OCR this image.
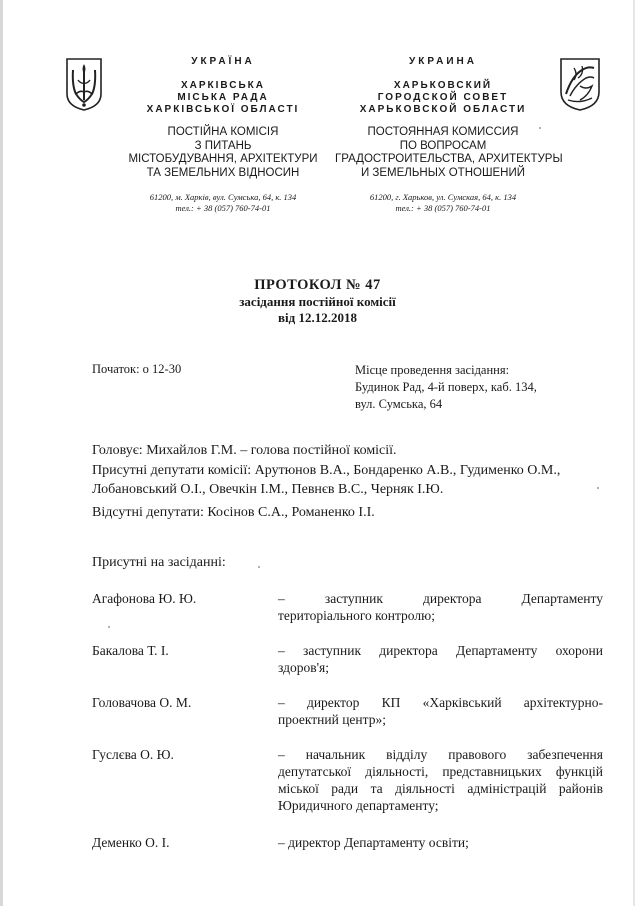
УКРАЇНА
ХАРКІВСЬКА
МІСЬКА РАДА
ХАРКІВСЬКОЇ ОБЛАСТІ
ПОСТІЙНА КОМІСІЯ
З ПИТАНЬ
МІСТОБУДУВАННЯ, АРХІТЕКТУРИ
ТА ЗЕМЕЛЬНИХ ВІДНОСИН
61200, м. Харків, вул. Сумська, 64, к. 134
тел.: + 38 (057) 760-74-01
УКРАИНА
ХАРЬКОВСКИЙ
ГОРОДСКОЙ СОВЕТ
ХАРЬКОВСКОЙ ОБЛАСТИ
ПОСТОЯННАЯ КОМИССИЯ
ПО ВОПРОСАМ
ГРАДОСТРОИТЕЛЬСТВА, АРХИТЕКТУРЫ
И ЗЕМЕЛЬНЫХ ОТНОШЕНИЙ
61200, г. Харьков, ул. Сумская, 64, к. 134
тел.: + 38 (057) 760-74-01
ПРОТОКОЛ № 47
засідання постійної комісії
від 12.12.2018
Початок: о 12-30	Місце проведення засідання:
Будинок Рад, 4-й поверх, каб. 134,
вул. Сумська, 64
Головує: Михайлов Г.М. – голова постійної комісії.
Присутні депутати комісії: Арутюнов В.А., Бондаренко А.В., Гудименко О.М.,
Лобановський О.І., Овечкін І.М., Певнєв В.С., Черняк І.Ю.
Відсутні депутати: Косінов С.А., Романенко І.І.
Присутні на засіданні:
Агафонова Ю. Ю.	– заступник директора Департаменту
територіального контролю;
Бакалова Т. І.	– заступник директора Департаменту охорони
здоров'я;
Головачова О. М.	– директор КП «Харківський архітектурно-
проектний центр»;
Гуслєва О. Ю.	– начальник відділу правового забезпечення
депутатської діяльності, представницьких функцій
міської ради та діяльності адміністрацій районів
Юридичного департаменту;
Деменко О. І.	– директор Департаменту освіти;
